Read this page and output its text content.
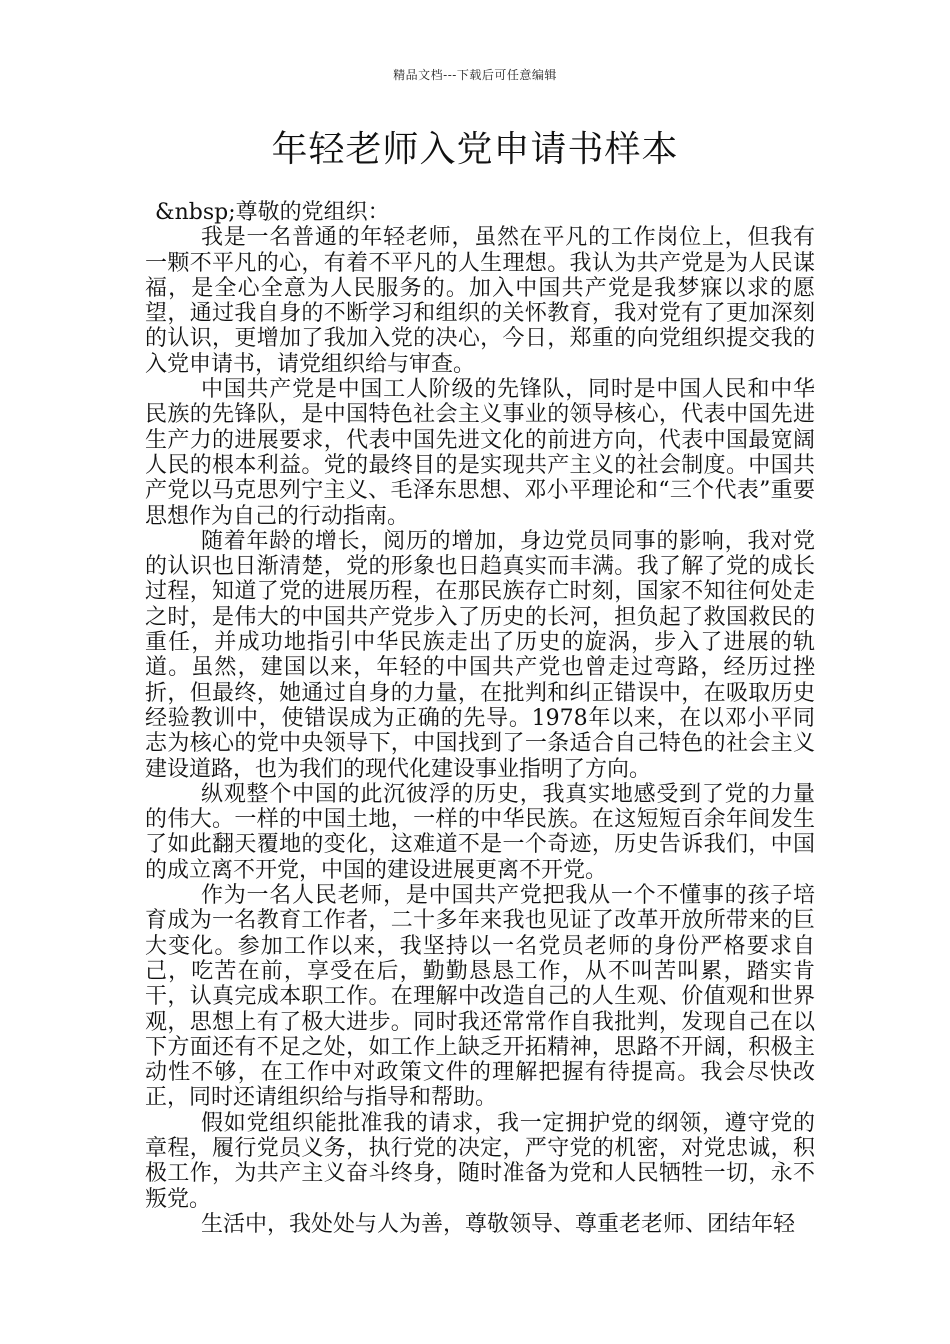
精品文档---下载后可任意编辑
年轻老师入党申请书样本

&nbsp;尊敬的党组织：

我是一名普通的年轻老师，虽然在平凡的工作岗位上，但我有一颗不平凡的心，有着不平凡的人生理想。我认为共产党是为人民谋福，是全心全意为人民服务的。加入中国共产党是我梦寐以求的愿望，通过我自身的不断学习和组织的关怀教育，我对党有了更加深刻的认识，更增加了我加入党的决心，今日，郑重的向党组织提交我的入党申请书，请党组织给与审查。

中国共产党是中国工人阶级的先锋队，同时是中国人民和中华民族的先锋队，是中国特色社会主义事业的领导核心，代表中国先进生产力的进展要求，代表中国先进文化的前进方向，代表中国最宽阔人民的根本利益。党的最终目的是实现共产主义的社会制度。中国共产党以马克思列宁主义、毛泽东思想、邓小平理论和“三个代表”重要思想作为自己的行动指南。

随着年龄的增长，阅历的增加，身边党员同事的影响，我对党的认识也日渐清楚，党的形象也日趋真实而丰满。我了解了党的成长过程，知道了党的进展历程，在那民族存亡时刻，国家不知往何处走之时，是伟大的中国共产党步入了历史的长河，担负起了救国救民的重任，并成功地指引中华民族走出了历史的旋涡，步入了进展的轨道。虽然，建国以来，年轻的中国共产党也曾走过弯路，经历过挫折，但最终，她通过自身的力量，在批判和纠正错误中，在吸取历史经验教训中，使错误成为正确的先导。1978年以来，在以邓小平同志为核心的党中央领导下，中国找到了一条适合自己特色的社会主义建设道路，也为我们的现代化建设事业指明了方向。

纵观整个中国的此沉彼浮的历史，我真实地感受到了党的力量的伟大。一样的中国土地，一样的中华民族。在这短短百余年间发生了如此翻天覆地的变化，这难道不是一个奇迹，历史告诉我们，中国的成立离不开党，中国的建设进展更离不开党。

作为一名人民老师，是中国共产党把我从一个不懂事的孩子培育成为一名教育工作者，二十多年来我也见证了改革开放所带来的巨大变化。参加工作以来，我坚持以一名党员老师的身份严格要求自己，吃苦在前，享受在后，勤勤恳恳工作，从不叫苦叫累，踏实肯干，认真完成本职工作。在理解中改造自己的人生观、价值观和世界观，思想上有了极大进步。同时我还常常作自我批判，发现自己在以下方面还有不足之处，如工作上缺乏开拓精神，思路不开阔，积极主动性不够，在工作中对政策文件的理解把握有待提高。我会尽快改正，同时还请组织给与指导和帮助。

假如党组织能批准我的请求，我一定拥护党的纲领，遵守党的章程，履行党员义务，执行党的决定，严守党的机密，对党忠诚，积极工作，为共产主义奋斗终身，随时准备为党和人民牺牲一切，永不叛党。

生活中，我处处与人为善，尊敬领导、尊重老老师、团结年轻
